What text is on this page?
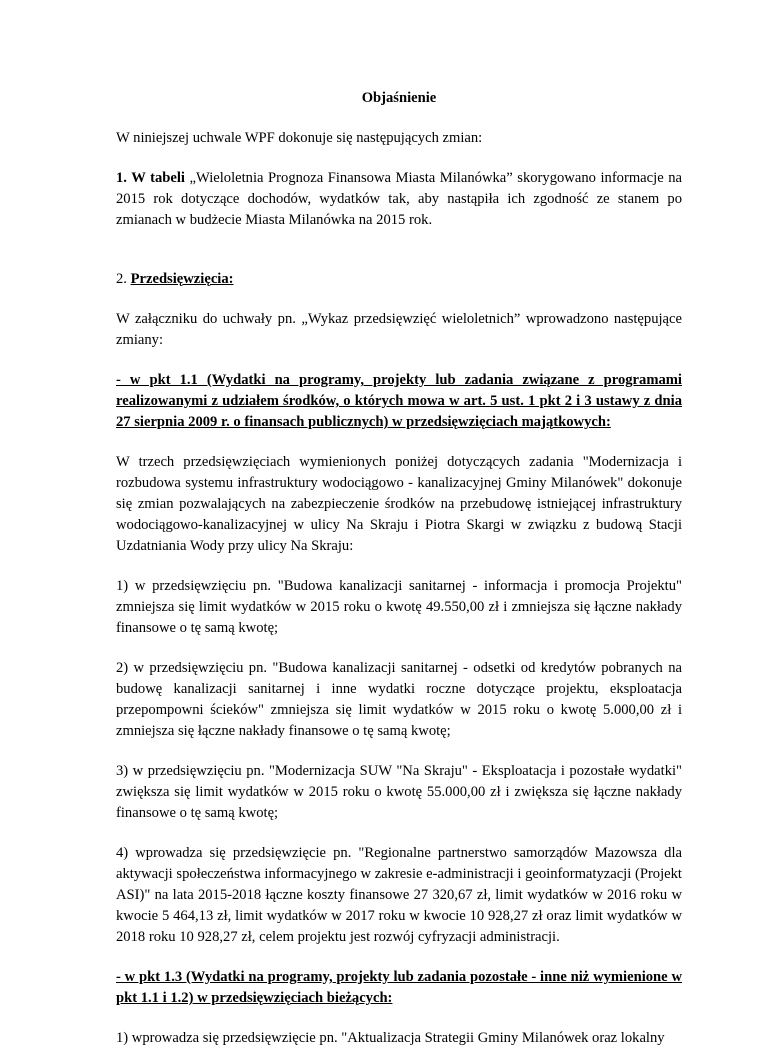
Objaśnienie

W niniejszej uchwale WPF dokonuje się następujących zmian:

1. W tabeli „Wieloletnia Prognoza Finansowa Miasta Milanówka” skorygowano informacje na 2015 rok dotyczące dochodów, wydatków tak, aby nastąpiła ich zgodność ze stanem po zmianach w budżecie Miasta Milanówka na 2015 rok.

2. Przedsięwzięcia:

W załączniku do uchwały pn. „Wykaz przedsięwzięć wieloletnich” wprowadzono następujące zmiany:

- w pkt 1.1 (Wydatki na programy, projekty lub zadania związane z programami realizowanymi z udziałem środków, o których mowa w art. 5 ust. 1 pkt 2 i 3 ustawy z dnia 27 sierpnia 2009 r. o finansach publicznych) w przedsięwzięciach majątkowych:

W trzech przedsięwzięciach wymienionych poniżej dotyczących zadania "Modernizacja i rozbudowa systemu infrastruktury wodociągowo - kanalizacyjnej Gminy Milanówek" dokonuje się zmian pozwalających na zabezpieczenie środków na przebudowę istniejącej infrastruktury wodociągowo-kanalizacyjnej w ulicy Na Skraju i Piotra Skargi w związku z budową Stacji Uzdatniania Wody przy ulicy Na Skraju:

1) w przedsięwzięciu pn. "Budowa kanalizacji sanitarnej - informacja i promocja Projektu" zmniejsza się limit wydatków w 2015 roku o kwotę 49.550,00 zł i zmniejsza się łączne nakłady finansowe o tę samą kwotę;

2) w przedsięwzięciu pn. "Budowa kanalizacji sanitarnej - odsetki od kredytów pobranych na budowę kanalizacji sanitarnej i inne wydatki roczne dotyczące projektu, eksploatacja przepompowni ścieków" zmniejsza się limit wydatków w 2015 roku o kwotę 5.000,00 zł i zmniejsza się łączne nakłady finansowe o tę samą kwotę;

3) w przedsięwzięciu pn. "Modernizacja SUW "Na Skraju" - Eksploatacja i pozostałe wydatki" zwiększa się limit wydatków w 2015 roku o kwotę 55.000,00 zł i zwiększa się łączne nakłady finansowe o tę samą kwotę;

4) wprowadza się przedsięwzięcie pn. "Regionalne partnerstwo samorządów Mazowsza dla aktywacji społeczeństwa informacyjnego w zakresie e-administracji i geoinformatyzacji (Projekt ASI)" na lata 2015-2018 łączne koszty finansowe 27 320,67 zł, limit wydatków w 2016 roku w kwocie 5 464,13 zł, limit wydatków w 2017 roku w kwocie 10 928,27 zł oraz limit wydatków w 2018 roku 10 928,27 zł, celem projektu jest rozwój cyfryzacji administracji.

- w pkt 1.3 (Wydatki na programy, projekty lub zadania pozostałe - inne niż wymienione w pkt 1.1 i 1.2) w przedsięwzięciach bieżących:

1) wprowadza się przedsięwzięcie pn. "Aktualizacja Strategii Gminy Milanówek oraz lokalny
